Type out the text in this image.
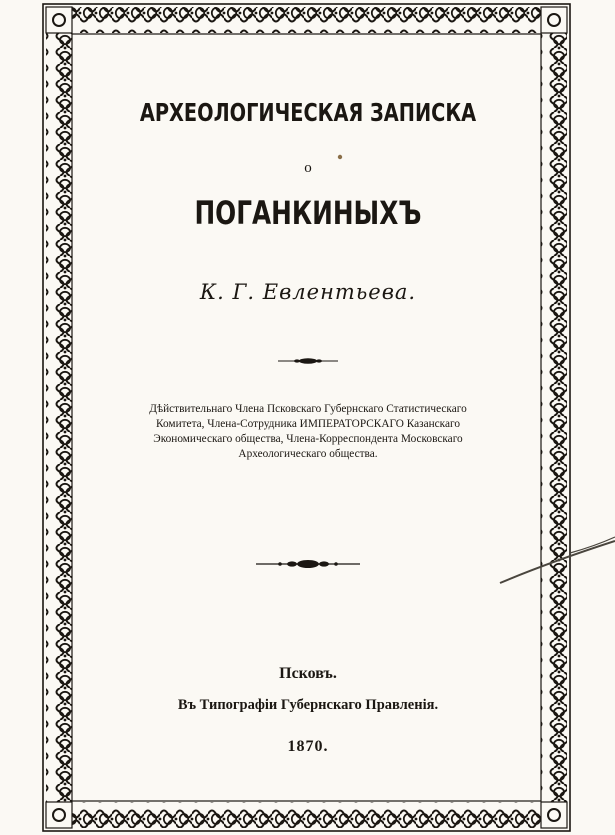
АРХЕОЛОГИЧЕСКАЯ ЗАПИСКА
о
ПОГАНКИНЫХЪ
К. Г. Евлентьева.
Дѣйствительнаго Члена Псковскаго Губернскаго Статистическаго
Комитета, Члена-Сотрудника ИМПЕРАТОРСКАГО Казанскаго
Экономическаго общества, Члена-Корреспондента Московскаго
Археологическаго общества.
Псковъ.
Въ Типографіи Губернскаго Правленія.
1870.
